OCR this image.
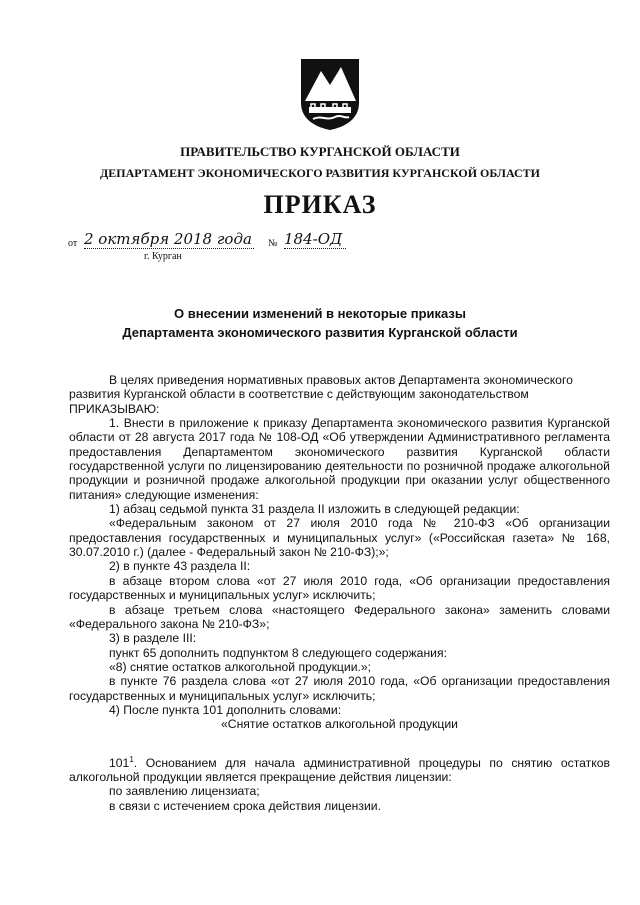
ПРАВИТЕЛЬСТВО КУРГАНСКОЙ ОБЛАСТИ
ДЕПАРТАМЕНТ ЭКОНОМИЧЕСКОГО РАЗВИТИЯ КУРГАНСКОЙ ОБЛАСТИ
ПРИКАЗ
от 2 октября 2018 года № 184-ОД
г. Курган
О внесении изменений в некоторые приказы
Департамента экономического развития Курганской области

В целях приведения нормативных правовых актов Департамента экономического

развития Курганской области в соответствие с действующим законодательством

ПРИКАЗЫВАЮ:

1. Внести в приложение к приказу Департамента экономического развития Курганской области от 28 августа 2017 года № 108-ОД «Об утверждении Административного регламента предоставления Департаментом экономического развития Курганской области государственной услуги по лицензированию деятельности по розничной продаже алкогольной продукции и розничной продаже алкогольной продукции при оказании услуг общественного питания» следующие изменения:

1) абзац седьмой пункта 31 раздела II изложить в следующей редакции:

«Федеральным законом от 27 июля 2010 года № 210-ФЗ «Об организации предоставления государственных и муниципальных услуг» («Российская газета» № 168, 30.07.2010 г.) (далее - Федеральный закон № 210-ФЗ);»;

2) в пункте 43 раздела II:

в абзаце втором слова «от 27 июля 2010 года, «Об организации предоставления государственных и муниципальных услуг» исключить;

в абзаце третьем слова «настоящего Федерального закона» заменить словами «Федерального закона № 210-ФЗ»;

3) в разделе III:

пункт 65 дополнить подпунктом 8 следующего содержания:

«8) снятие остатков алкогольной продукции.»;

в пункте 76 раздела слова «от 27 июля 2010 года, «Об организации предоставления государственных и муниципальных услуг» исключить;

4) После пункта 101 дополнить словами:

«Снятие остатков алкогольной продукции

$101^1$. Основанием для начала административной процедуры по снятию остатков алкогольной продукции является прекращение действия лицензии:

по заявлению лицензиата;

в связи с истечением срока действия лицензии.
